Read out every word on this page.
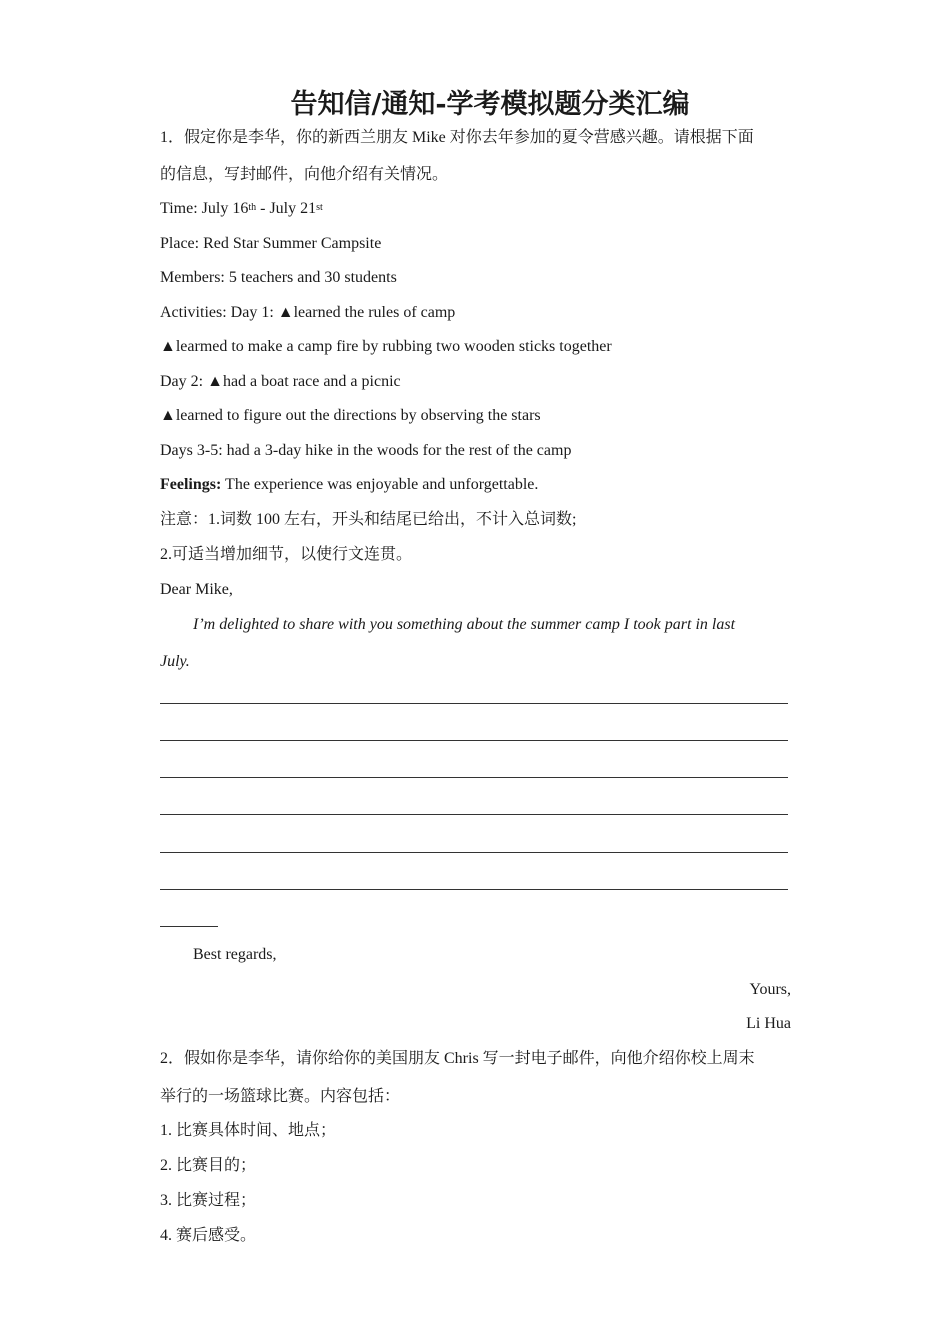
告知信/通知-学考模拟题分类汇编
1．假定你是李华，你的新西兰朋友 Mike 对你去年参加的夏令营感兴趣。请根据下面
的信息，写封邮件，向他介绍有关情况。
Time: July 16th - July 21st
Place: Red Star Summer Campsite
Members: 5 teachers and 30 students
Activities: Day 1: ▲learned the rules of camp
▲learmed to make a camp fire by rubbing two wooden sticks together
Day 2: ▲had a boat race and a picnic
▲learned to figure out the directions by observing the stars
Days 3-5: had a 3-day hike in the woods for the rest of the camp
Feelings: The experience was enjoyable and unforgettable.
注意：1.词数 100 左右，开头和结尾已给出，不计入总词数;
2.可适当增加细节，以使行文连贯。
Dear Mike,
I’m delighted to share with you something about the summer camp I took part in last
July.
Best regards,
Yours,
Li Hua
2．假如你是李华，请你给你的美国朋友 Chris 写一封电子邮件，向他介绍你校上周末
举行的一场篮球比赛。内容包括：
1. 比赛具体时间、地点；
2. 比赛目的；
3. 比赛过程；
4. 赛后感受。
